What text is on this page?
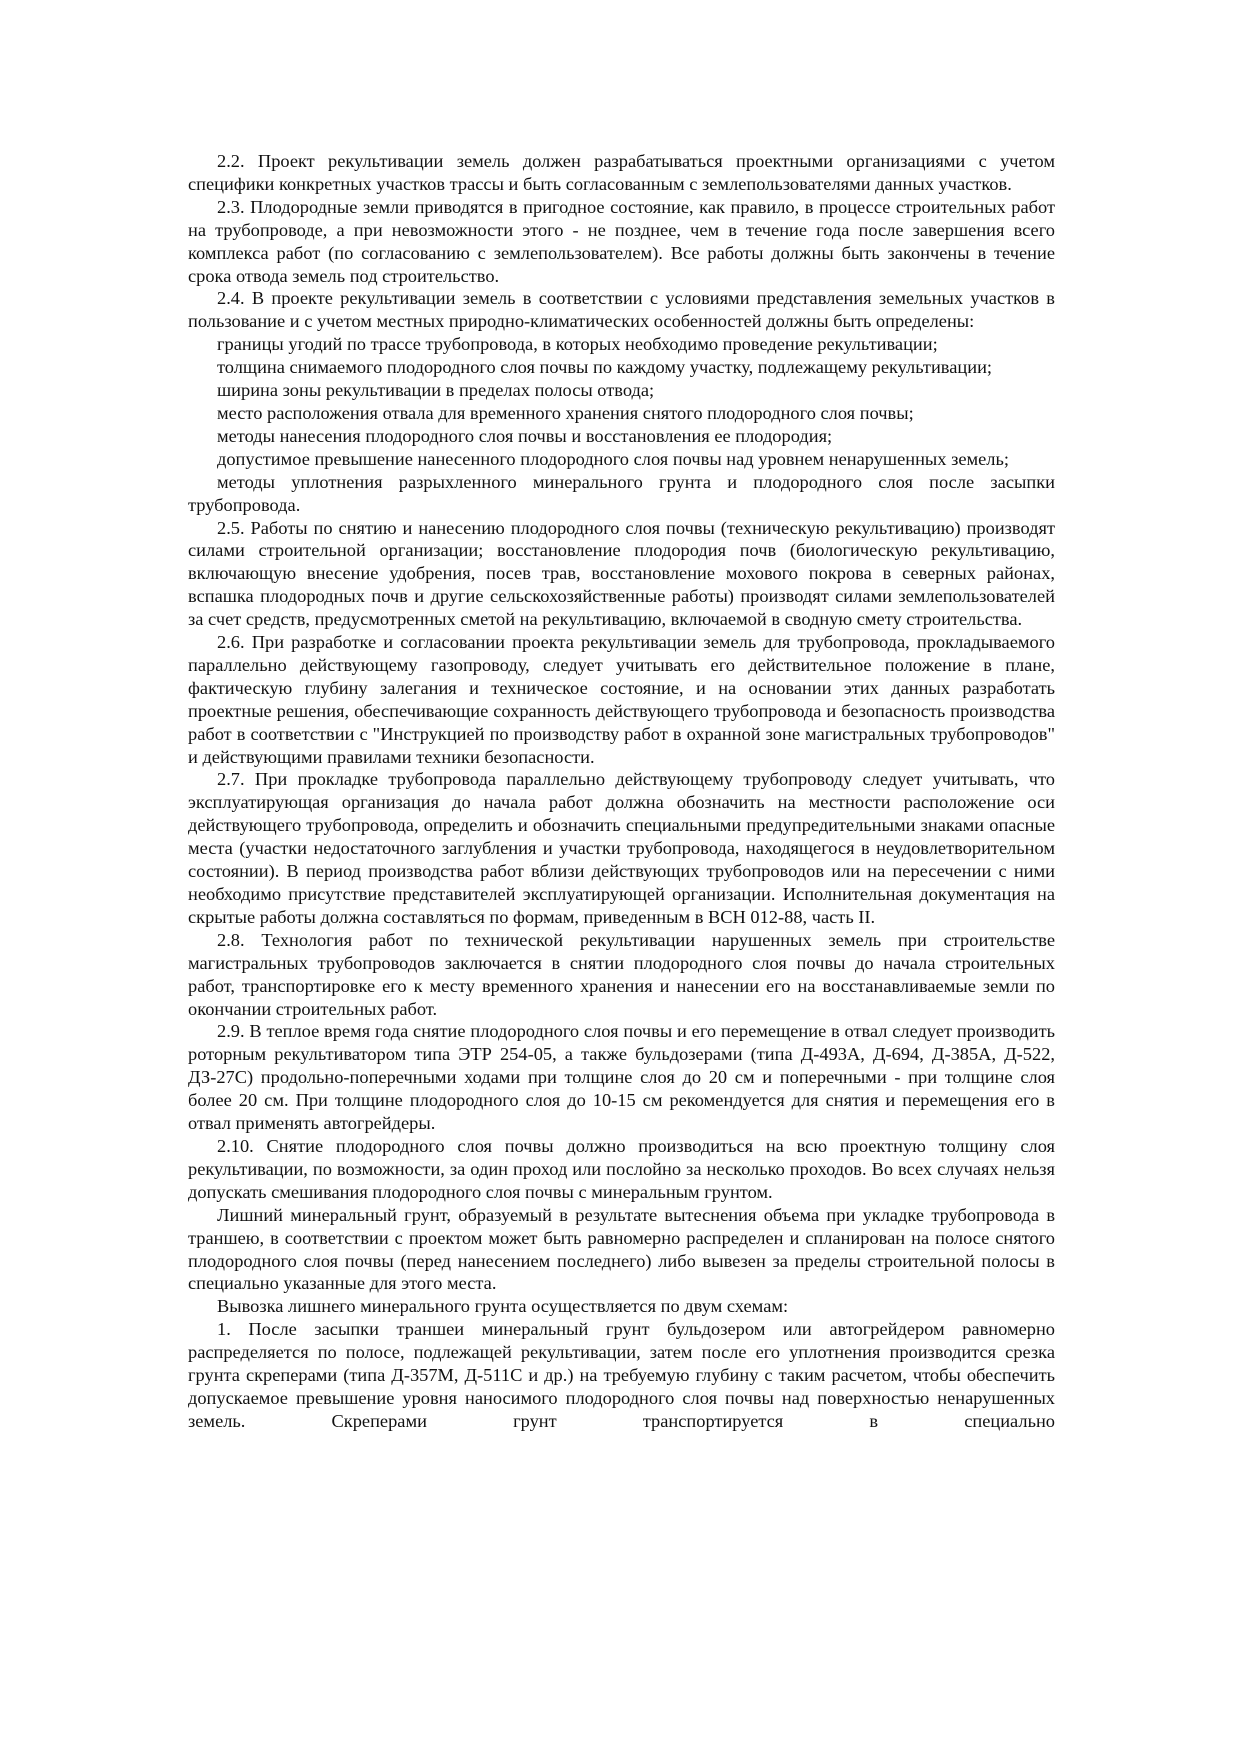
2.2. Проект рекультивации земель должен разрабатываться проектными организациями с учетом специфики конкретных участков трассы и быть согласованным с землепользователями данных участков.

2.3. Плодородные земли приводятся в пригодное состояние, как правило, в процессе строительных работ на трубопроводе, а при невозможности этого - не позднее, чем в течение года после завершения всего комплекса работ (по согласованию с землепользователем). Все работы должны быть закончены в течение срока отвода земель под строительство.

2.4. В проекте рекультивации земель в соответствии с условиями представления земельных участков в пользование и с учетом местных природно-климатических особенностей должны быть определены:

границы угодий по трассе трубопровода, в которых необходимо проведение рекультивации;

толщина снимаемого плодородного слоя почвы по каждому участку, подлежащему рекультивации;

ширина зоны рекультивации в пределах полосы отвода;

место расположения отвала для временного хранения снятого плодородного слоя почвы;

методы нанесения плодородного слоя почвы и восстановления ее плодородия;

допустимое превышение нанесенного плодородного слоя почвы над уровнем ненарушенных земель;

методы уплотнения разрыхленного минерального грунта и плодородного слоя после засыпки трубопровода.

2.5. Работы по снятию и нанесению плодородного слоя почвы (техническую рекультивацию) производят силами строительной организации; восстановление плодородия почв (биологическую рекультивацию, включающую внесение удобрения, посев трав, восстановление мохового покрова в северных районах, вспашка плодородных почв и другие сельскохозяйственные работы) производят силами землепользователей за счет средств, предусмотренных сметой на рекультивацию, включаемой в сводную смету строительства.

2.6. При разработке и согласовании проекта рекультивации земель для трубопровода, прокладываемого параллельно действующему газопроводу, следует учитывать его действительное положение в плане, фактическую глубину залегания и техническое состояние, и на основании этих данных разработать проектные решения, обеспечивающие сохранность действующего трубопровода и безопасность производства работ в соответствии с "Инструкцией по производству работ в охранной зоне магистральных трубопроводов" и действующими правилами техники безопасности.

2.7. При прокладке трубопровода параллельно действующему трубопроводу следует учитывать, что эксплуатирующая организация до начала работ должна обозначить на местности расположение оси действующего трубопровода, определить и обозначить специальными предупредительными знаками опасные места (участки недостаточного заглубления и участки трубопровода, находящегося в неудовлетворительном состоянии). В период производства работ вблизи действующих трубопроводов или на пересечении с ними необходимо присутствие представителей эксплуатирующей организации. Исполнительная документация на скрытые работы должна составляться по формам, приведенным в ВСН 012-88, часть II.

2.8. Технология работ по технической рекультивации нарушенных земель при строительстве магистральных трубопроводов заключается в снятии плодородного слоя почвы до начала строительных работ, транспортировке его к месту временного хранения и нанесении его на восстанавливаемые земли по окончании строительных работ.

2.9. В теплое время года снятие плодородного слоя почвы и его перемещение в отвал следует производить роторным рекультиватором типа ЭТР 254-05, а также бульдозерами (типа Д-493А, Д-694, Д-385А, Д-522, ДЗ-27С) продольно-поперечными ходами при толщине слоя до 20 см и поперечными - при толщине слоя более 20 см. При толщине плодородного слоя до 10-15 см рекомендуется для снятия и перемещения его в отвал применять автогрейдеры.

2.10. Снятие плодородного слоя почвы должно производиться на всю проектную толщину слоя рекультивации, по возможности, за один проход или послойно за несколько проходов. Во всех случаях нельзя допускать смешивания плодородного слоя почвы с минеральным грунтом.

Лишний минеральный грунт, образуемый в результате вытеснения объема при укладке трубопровода в траншею, в соответствии с проектом может быть равномерно распределен и спланирован на полосе снятого плодородного слоя почвы (перед нанесением последнего) либо вывезен за пределы строительной полосы в специально указанные для этого места.

Вывозка лишнего минерального грунта осуществляется по двум схемам:

1. После засыпки траншеи минеральный грунт бульдозером или автогрейдером равномерно распределяется по полосе, подлежащей рекультивации, затем после его уплотнения производится срезка грунта скреперами (типа Д-357М, Д-511С и др.) на требуемую глубину с таким расчетом, чтобы обеспечить допускаемое превышение уровня наносимого плодородного слоя почвы над поверхностью ненарушенных земель. Скреперами грунт транспортируется в специально
